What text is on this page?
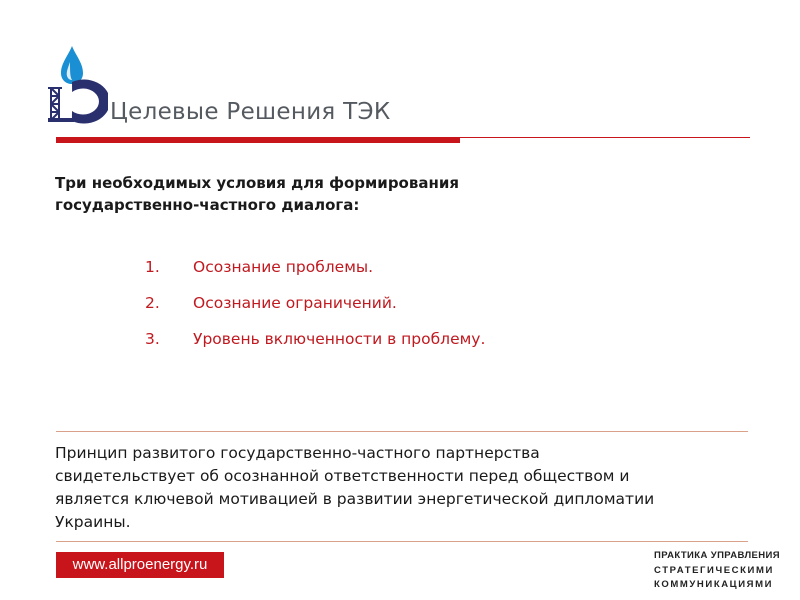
Целевые Решения ТЭК
Три необходимых условия для формирования
государственно-частного диалога:
1.	Осознание проблемы.
2.	Осознание ограничений.
3.	Уровень включенности в проблему.

Принцип развитого государственно-частного партнерства
свидетельствует об осознанной ответственности перед обществом и
является ключевой мотивацией в развитии энергетической дипломатии
Украины.

www.allproenergy.ru
ПРАКТИКА УПРАВЛЕНИЯ
СТРАТЕГИЧЕСКИМИ
КОММУНИКАЦИЯМИ
